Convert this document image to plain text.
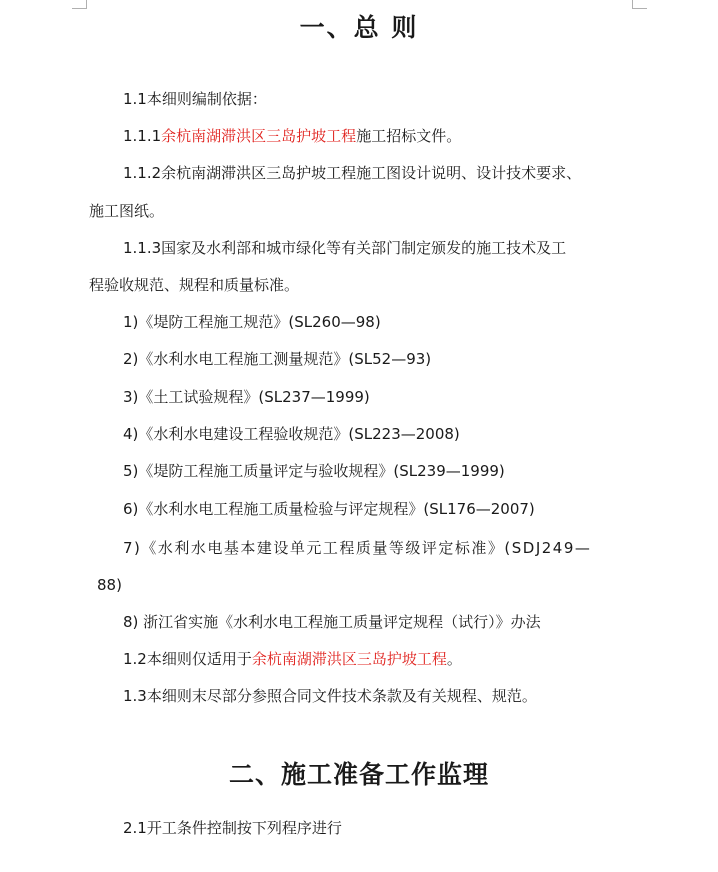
一、总 则

1.1本细则编制依据：

1.1.1余杭南湖滞洪区三岛护坡工程施工招标文件。

1.1.2余杭南湖滞洪区三岛护坡工程施工图设计说明、设计技术要求、

施工图纸。

1.1.3国家及水利部和城市绿化等有关部门制定颁发的施工技术及工

程验收规范、规程和质量标准。

1)《堤防工程施工规范》(SL260—98)

2)《水利水电工程施工测量规范》(SL52—93)

3)《土工试验规程》(SL237—1999)

4)《水利水电建设工程验收规范》(SL223—2008)

5)《堤防工程施工质量评定与验收规程》(SL239—1999)

6)《水利水电工程施工质量检验与评定规程》(SL176—2007)

7)《水利水电基本建设单元工程质量等级评定标准》(SDJ249—

88)

8) 浙江省实施《水利水电工程施工质量评定规程（试行）》办法

1.2本细则仅适用于余杭南湖滞洪区三岛护坡工程。

1.3本细则末尽部分参照合同文件技术条款及有关规程、规范。

二、施工准备工作监理

2.1开工条件控制按下列程序进行
